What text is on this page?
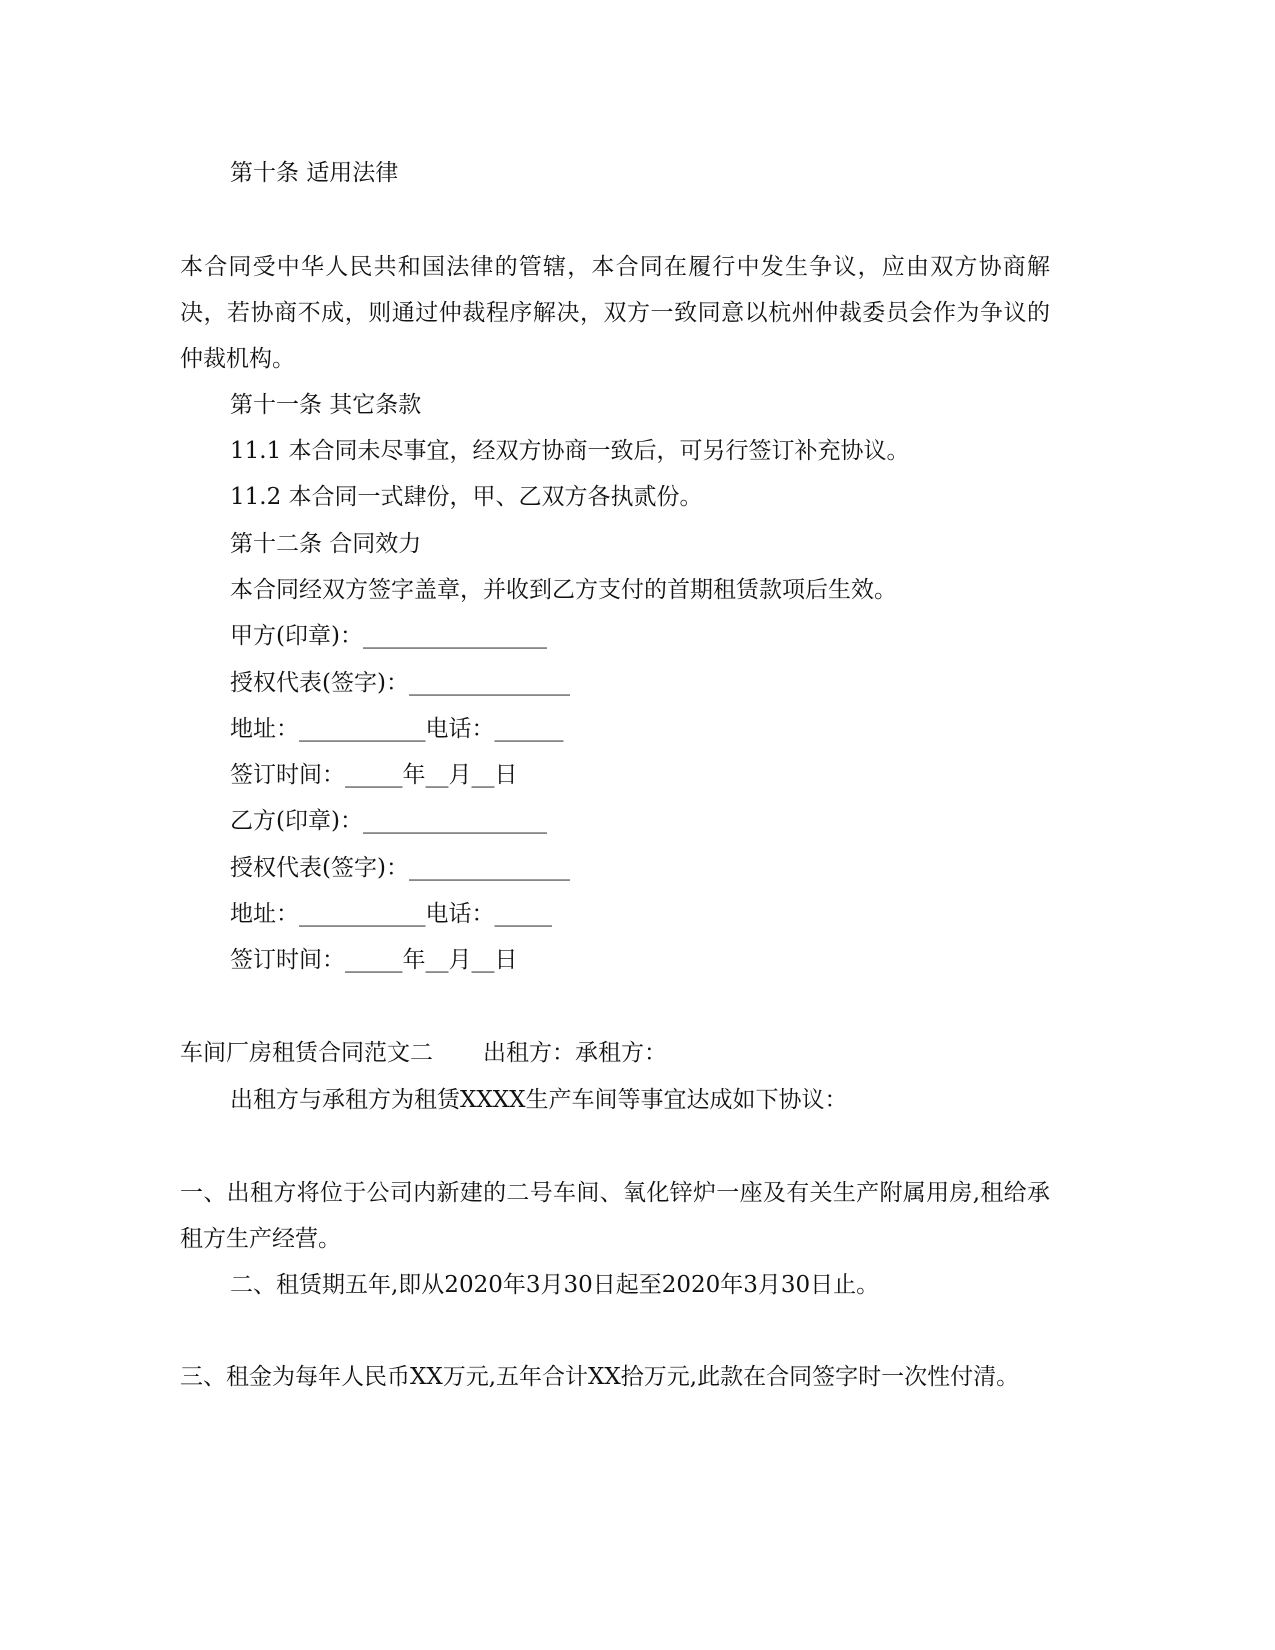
第十条 适用法律
本合同受中华人民共和国法律的管辖，本合同在履行中发生争议，应由双方协商解决，若协商不成，则通过仲裁程序解决，双方一致同意以杭州仲裁委员会作为争议的仲裁机构。
第十一条 其它条款
11.1 本合同未尽事宜，经双方协商一致后，可另行签订补充协议。
11.2 本合同一式肆份，甲、乙双方各执贰份。
第十二条 合同效力
本合同经双方签字盖章，并收到乙方支付的首期租赁款项后生效。
甲方(印章)：________________
授权代表(签字)：______________
地址：___________电话：______
签订时间：_____年__月__日
乙方(印章)：________________
授权代表(签字)：______________
地址：___________电话：_____
签订时间：_____年__月__日
车间厂房租赁合同范文二 出租方：承租方：
出租方与承租方为租赁XXXX生产车间等事宜达成如下协议：
一、出租方将位于公司内新建的二号车间、氧化锌炉一座及有关生产附属用房,租给承租方生产经营。
二、租赁期五年,即从2020年3月30日起至2020年3月30日止。
三、租金为每年人民币XX万元,五年合计XX拾万元,此款在合同签字时一次性付清。
